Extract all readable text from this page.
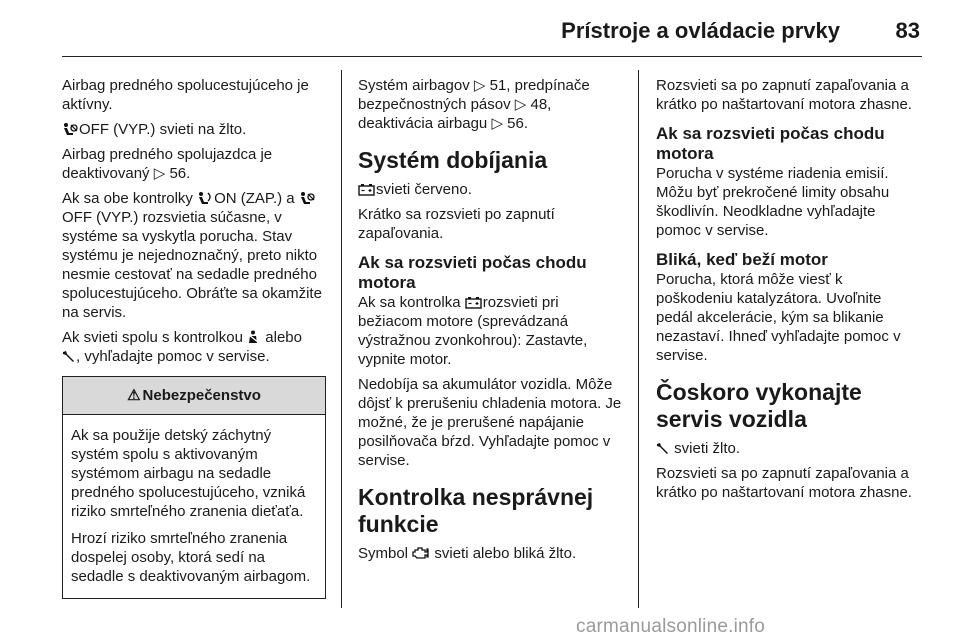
Prístroje a ovládacie prvky	83

Airbag predného spolucestujúceho je aktívny.

OFF (VYP.) svieti na žlto.

Airbag predného spolujazdca je deaktivovaný ▷ 56.

Ak sa obe kontrolky ON (ZAP.) a OFF (VYP.) rozsvietia súčasne, v systéme sa vyskytla porucha. Stav systému je nejednoznačný, preto nikto nesmie cestovať na sedadle predného spolucestujúceho. Obráťte sa okamžite na servis.

Ak svieti spolu s kontrolkou alebo
, vyhľadajte pomoc v servise.

⚠ Nebezpečenstvo

Ak sa použije detský záchytný systém spolu s aktivovaným systémom airbagu na sedadle predného spolucestujúceho, vzniká riziko smrteľného zranenia dieťaťa.

Hrozí riziko smrteľného zranenia dospelej osoby, ktorá sedí na sedadle s deaktivovaným airbagom.

Systém airbagov ▷ 51, predpínače bezpečnostných pásov ▷ 48, deaktivácia airbagu ▷ 56.

Systém dobíjania

svieti červeno.

Krátko sa rozsvieti po zapnutí zapaľovania.

Ak sa rozsvieti počas chodu motora

Ak sa kontrolka rozsvieti pri bežiacom motore (sprevádzaná výstražnou zvonkohrou): Zastavte, vypnite motor.

Nedobíja sa akumulátor vozidla. Môže dôjsť k prerušeniu chladenia motora. Je možné, že je prerušené napájanie posilňovača bŕzd. Vyhľadajte pomoc v servise.

Kontrolka nesprávnej funkcie

Symbol svieti alebo bliká žlto.

Rozsvieti sa po zapnutí zapaľovania a krátko po naštartovaní motora zhasne.

Ak sa rozsvieti počas chodu motora

Porucha v systéme riadenia emisií. Môžu byť prekročené limity obsahu škodlivín. Neodkladne vyhľadajte pomoc v servise.

Bliká, keď beží motor

Porucha, ktorá môže viesť k poškodeniu katalyzátora. Uvoľnite pedál akcelerácie, kým sa blikanie nezastaví. Ihneď vyhľadajte pomoc v servise.

Čoskoro vykonajte servis vozidla

svieti žlto.

Rozsvieti sa po zapnutí zapaľovania a krátko po naštartovaní motora zhasne.

carmanualsonline.info
